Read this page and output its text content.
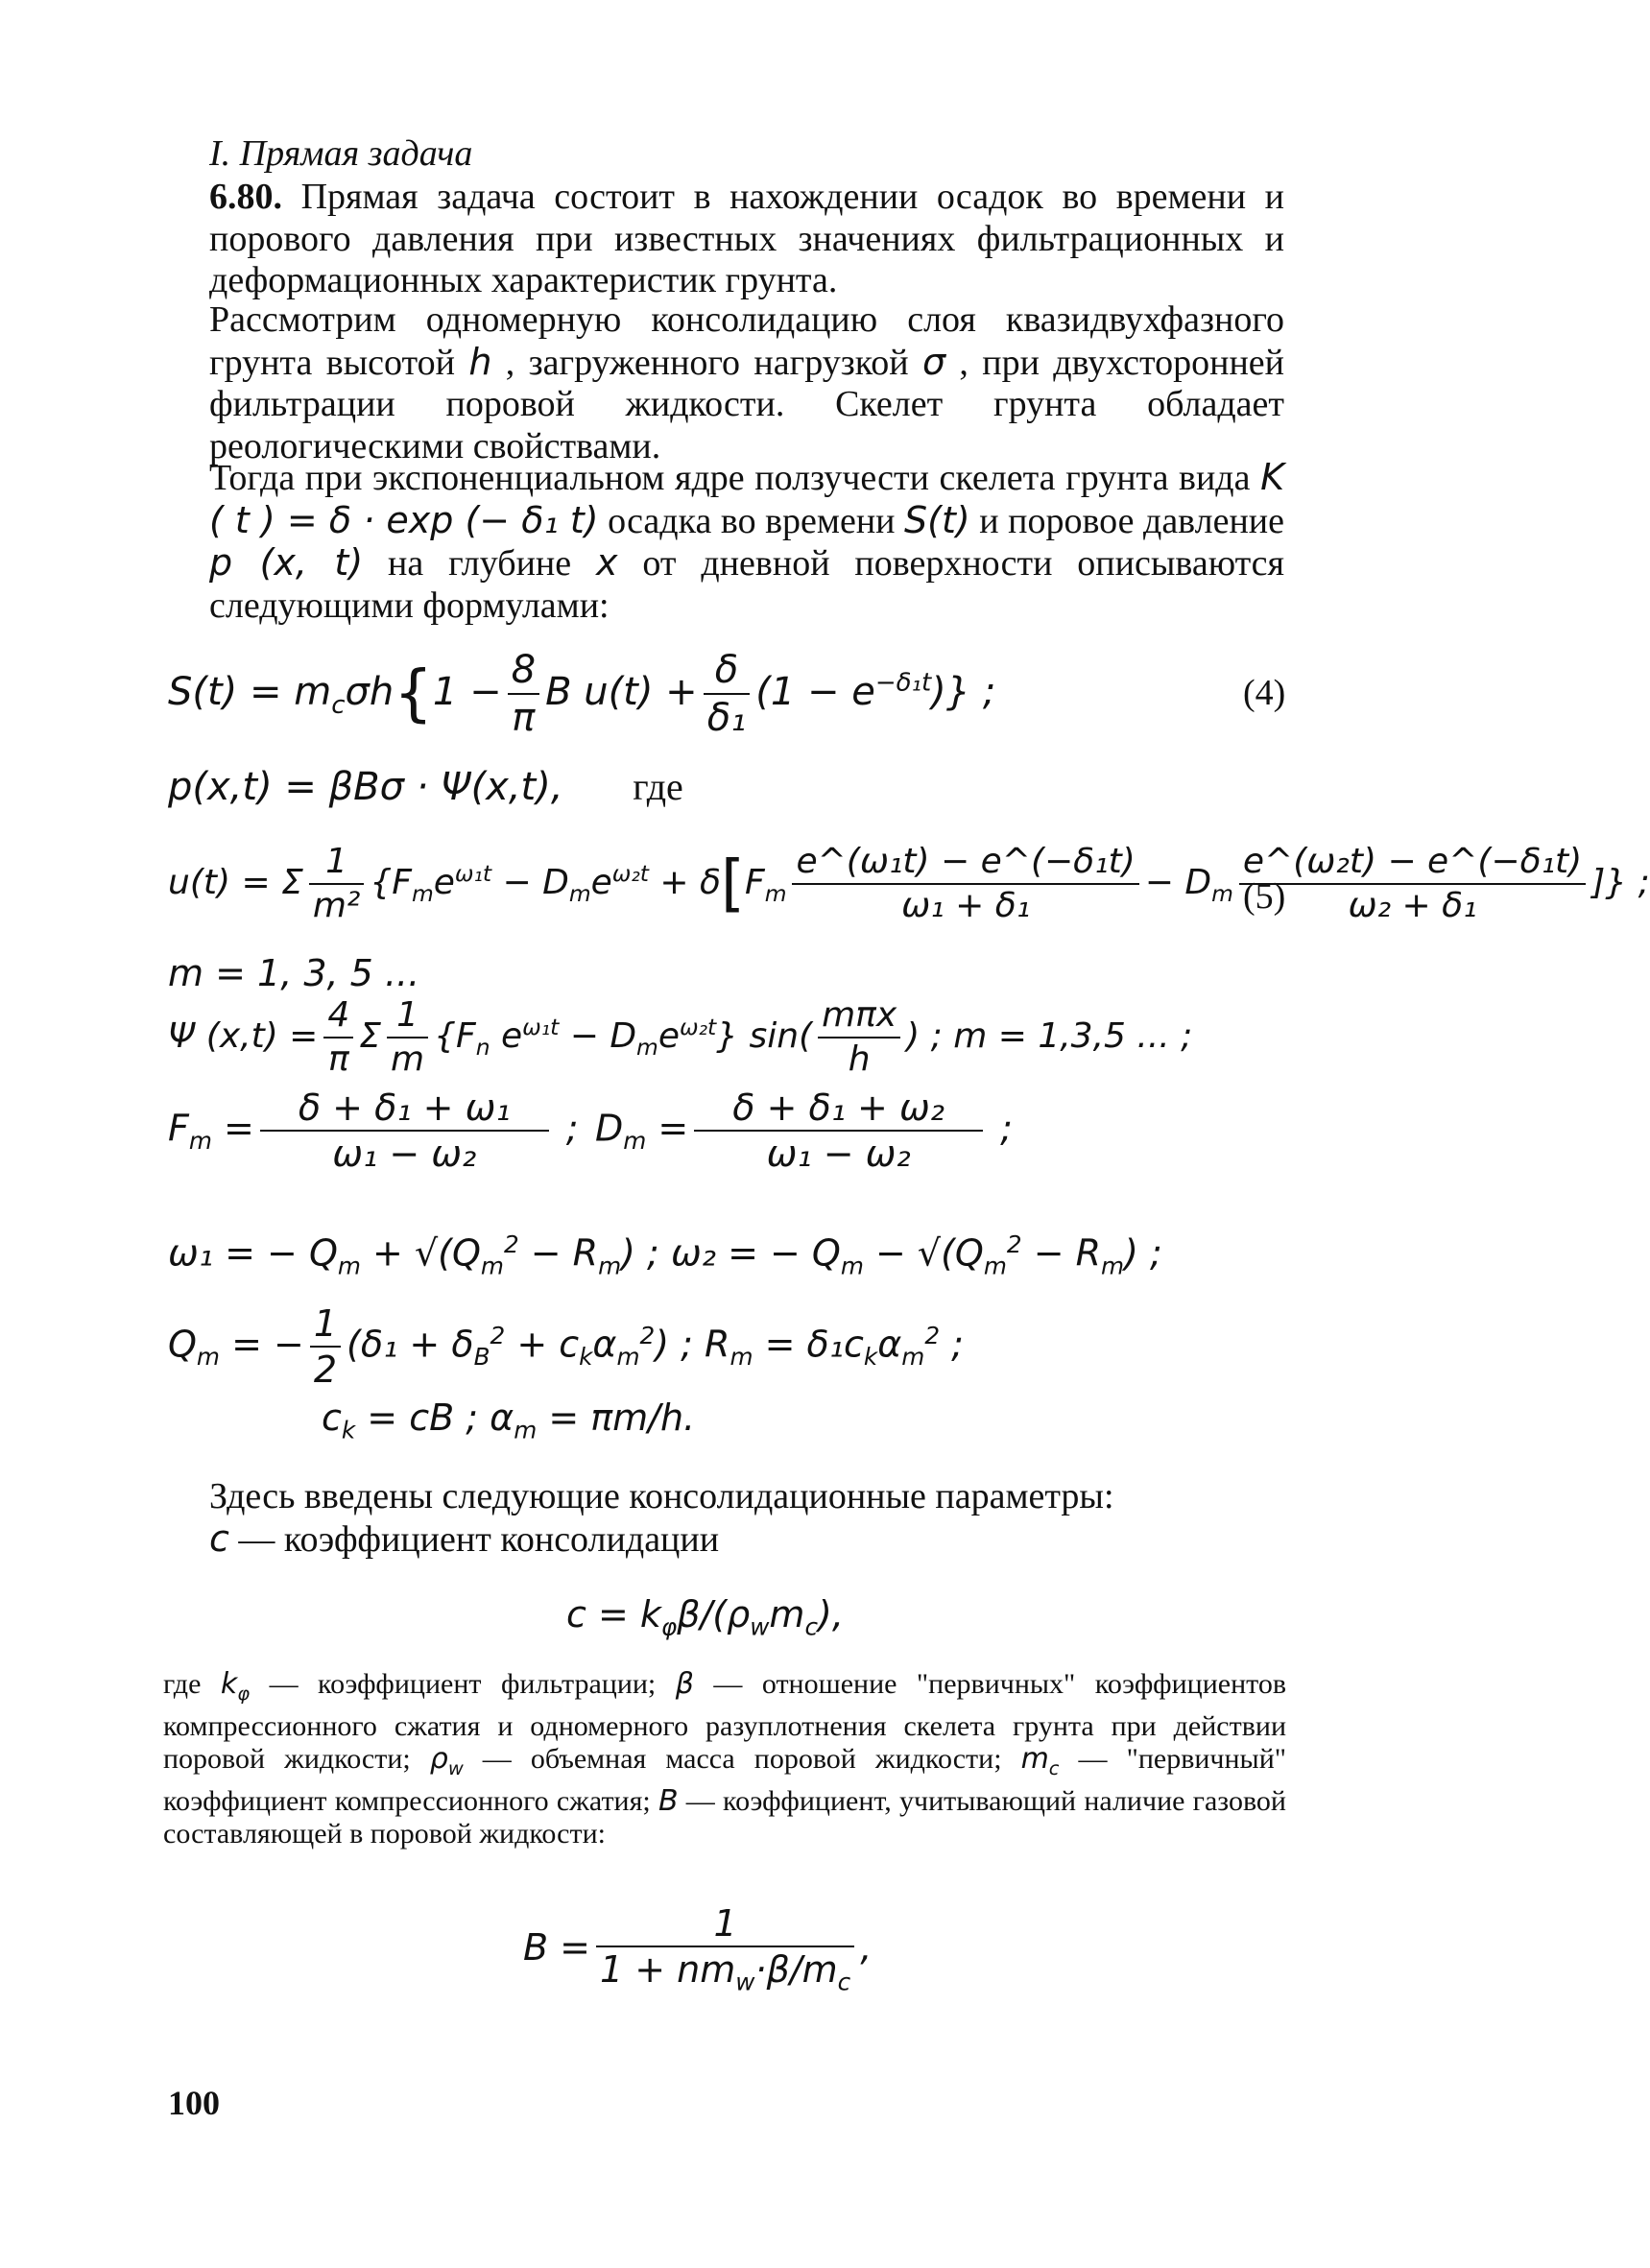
I. Прямая задача
6.80. Прямая задача состоит в нахождении осадок во времени и порового давления при известных значениях фильтрационных и деформационных характеристик грунта.
Рассмотрим одномерную консолидацию слоя квазидвухфазного грунта высотой h , загруженного нагрузкой σ , при двухсторонней фильтрации поровой жидкости. Скелет грунта обладает реологическими свойствами.
Тогда при экспоненциальном ядре ползучести скелета грунта вида K ( t ) = δ · exp (− δ₁ t) осадка во времени S(t) и поровое давление p (x, t) на глубине x от дневной поверхности описываются следующими формулами:
$S(t) = m_c\sigma h\{1 - \frac{8}{\pi}$ B $u(t) + \frac{\delta}{\text{δ₁}} (1 - e^{-\delta_1t})$} ;	(4)
p(x,t) = βBσ · Ψ(x,t), где
u(t) = Σ $\frac{1}{\text{m²}} \{F_me^{\omega_1t} - D_me^{\omega_2t} + \delta[F_m \frac{\text{e\textasciicircum{}(ω₁t) − e\textasciicircum{}(−δ₁t)}}{\text{ω₁ + δ₁}} - D_m \frac{\text{e\textasciicircum{}(ω₂t) − e\textasciicircum{}(−δ₁t)}}{\text{ω₂ + δ₁}}$ ]} ;
(5)
m = 1, 3, 5 ...
Ψ $(x,t) = \frac{4}{\pi}$ Σ $\frac{1}{m} \{F_n$ $e^{\omega_1t} - D_me^{\omega_2t}$} $\sin( \frac{\text{mπx}}{h}$ ) ; m = 1,3,5 ... ;
$F_m = \frac{\text{δ + δ₁ + ω₁}}{\text{ω₁ − ω₂}}$ ; $D_m = \frac{\text{δ + δ₁ + ω₂}}{\text{ω₁ − ω₂}}$ ;
ω₁ = − $Q_m + √(Q_m^2 - R_m)$ ; ω₂ = − $Q_m - √(Q_m^2 - R_m)$ ;
$Q_m$ = − $\frac{1}{2} (\delta_1 + \delta_B^2 + c_k\alpha_m^2)$ ; $R_m = \delta_1c_k\alpha_m^2$ ;
$c_k$ = cB ; $\alpha_m = \pi m/h$.
Здесь введены следующие консолидационные параметры:
c — коэффициент консолидации
$c = k_\varphi\beta/(\rho_wm_c)$,
где $k_\varphi$ — коэффициент фильтрации; β — отношение "первичных" коэффициентов компрессионного сжатия и одномерного разуплотнения скелета грунта при действии поровой жидкости; $\rho_w$ — объемная масса поровой жидкости; $m_c$ — "первичный" коэффициент компрессионного сжатия; B — коэффициент, учитывающий наличие газовой составляющей в поровой жидкости:
$B = \frac{1}{1 + nm_w\cdot\beta/m_c}$ ,
100
